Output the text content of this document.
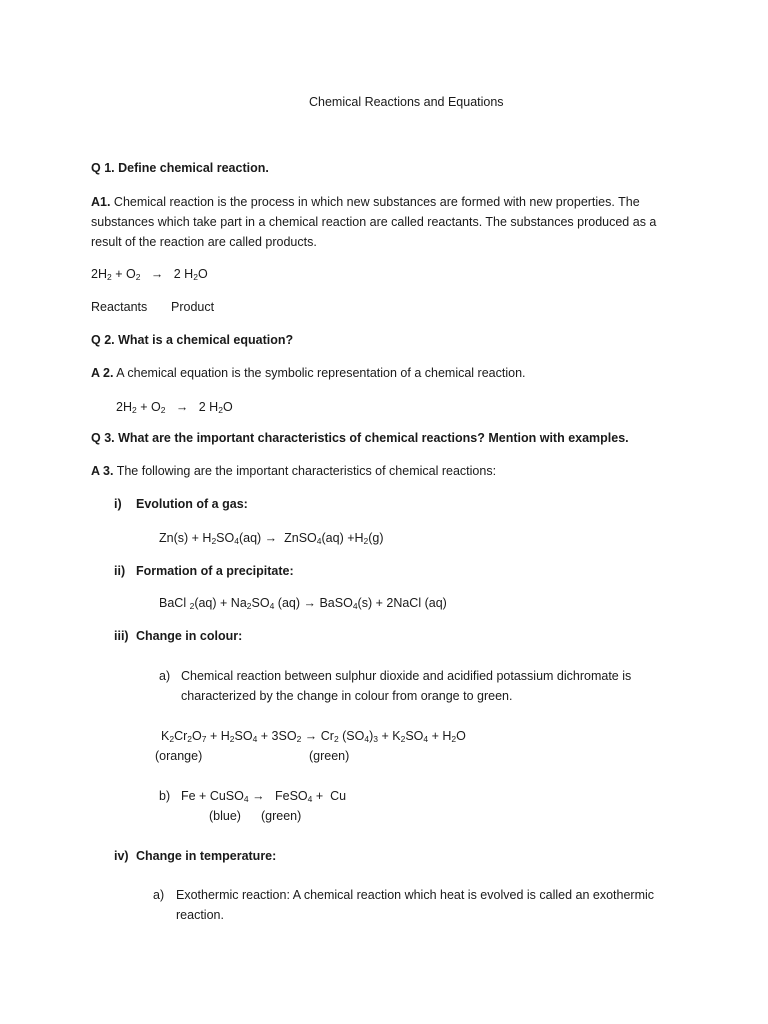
Chemical Reactions and Equations
Q 1. Define chemical reaction.
A1. Chemical reaction is the process in which new substances are formed with new properties. The substances which take part in a chemical reaction are called reactants. The substances produced as a result of the reaction are called products.
$2H_2 + O_2 \to 2$ $H_2O$
Reactants Product
Q 2. What is a chemical equation?
A 2. A chemical equation is the symbolic representation of a chemical reaction.
$2H_2 + O_2 \to 2$ $H_2O$
Q 3. What are the important characteristics of chemical reactions? Mention with examples.
A 3. The following are the important characteristics of chemical reactions:
i) Evolution of a gas:
$Zn(s) + H_2SO_4(aq)$ →  ZnSO$_4$(aq) $+H_2(g)$
ii) Formation of a precipitate:
BaCl $_2(aq) + Na_2SO_4$ (aq) → BaSO$_4$(s) + 2NaCl (aq)
iii) Change in colour:
a) Chemical reaction between sulphur dioxide and acidified potassium dichromate is
characterized by the change in colour from orange to green.
$K_2Cr_2O_7 + H_2SO_4 + 3SO_2 \to Cr_2$ $(SO_4)_3 + K_2SO_4 + H_2O$
(orange)	(green)
b) Fe + CuSO$_4$ →   FeSO$_4$ +  Cu
(blue) (green)
iv) Change in temperature:
a) Exothermic reaction: A chemical reaction which heat is evolved is called an exothermic
reaction.
